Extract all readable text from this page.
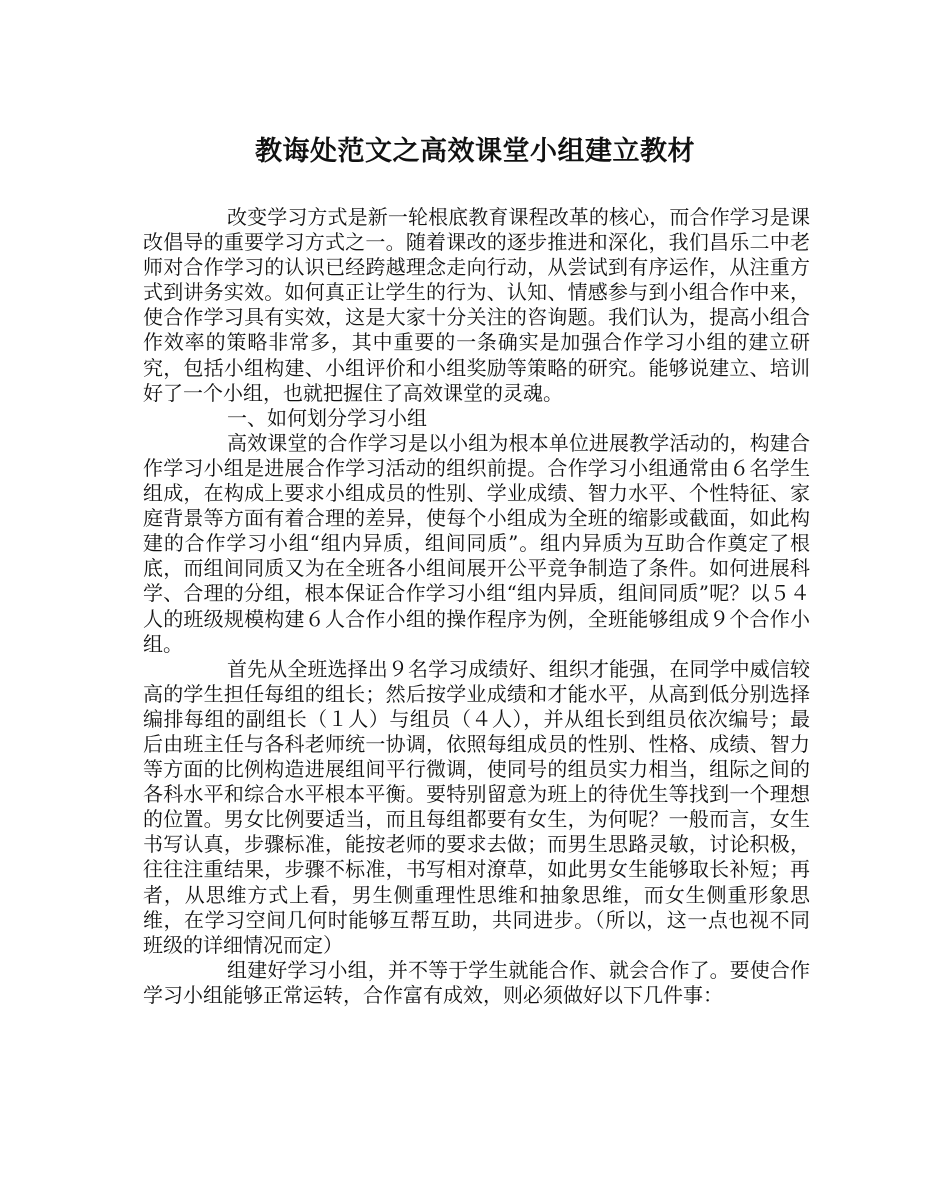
教诲处范文之高效课堂小组建立教材

改变学习方式是新一轮根底教育课程改革的核心，而合作学习是课改倡导的重要学习方式之一。随着课改的逐步推进和深化，我们昌乐二中老师对合作学习的认识已经跨越理念走向行动，从尝试到有序运作，从注重方式到讲务实效。如何真正让学生的行为、认知、情感参与到小组合作中来，使合作学习具有实效，这是大家十分关注的咨询题。我们认为，提高小组合作效率的策略非常多，其中重要的一条确实是加强合作学习小组的建立研究，包括小组构建、小组评价和小组奖励等策略的研究。能够说建立、培训好了一个小组，也就把握住了高效课堂的灵魂。

一、如何划分学习小组

高效课堂的合作学习是以小组为根本单位进展教学活动的，构建合作学习小组是进展合作学习活动的组织前提。合作学习小组通常由６名学生组成，在构成上要求小组成员的性别、学业成绩、智力水平、个性特征、家庭背景等方面有着合理的差异，使每个小组成为全班的缩影或截面，如此构建的合作学习小组“组内异质，组间同质”。组内异质为互助合作奠定了根底，而组间同质又为在全班各小组间展开公平竞争制造了条件。如何进展科学、合理的分组，根本保证合作学习小组“组内异质，组间同质”呢？以５４人的班级规模构建６人合作小组的操作程序为例，全班能够组成９个合作小组。

首先从全班选择出９名学习成绩好、组织才能强，在同学中威信较高的学生担任每组的组长；然后按学业成绩和才能水平，从高到低分别选择编排每组的副组长（１人）与组员（４人），并从组长到组员依次编号；最后由班主任与各科老师统一协调，依照每组成员的性别、性格、成绩、智力等方面的比例构造进展组间平行微调，使同号的组员实力相当，组际之间的各科水平和综合水平根本平衡。要特别留意为班上的待优生等找到一个理想的位置。男女比例要适当，而且每组都要有女生，为何呢？一般而言，女生书写认真，步骤标准，能按老师的要求去做；而男生思路灵敏，讨论积极，往往注重结果，步骤不标准，书写相对潦草，如此男女生能够取长补短；再者，从思维方式上看，男生侧重理性思维和抽象思维，而女生侧重形象思维，在学习空间几何时能够互帮互助，共同进步。（所以，这一点也视不同班级的详细情况而定）

组建好学习小组，并不等于学生就能合作、就会合作了。要使合作学习小组能够正常运转，合作富有成效，则必须做好以下几件事：
